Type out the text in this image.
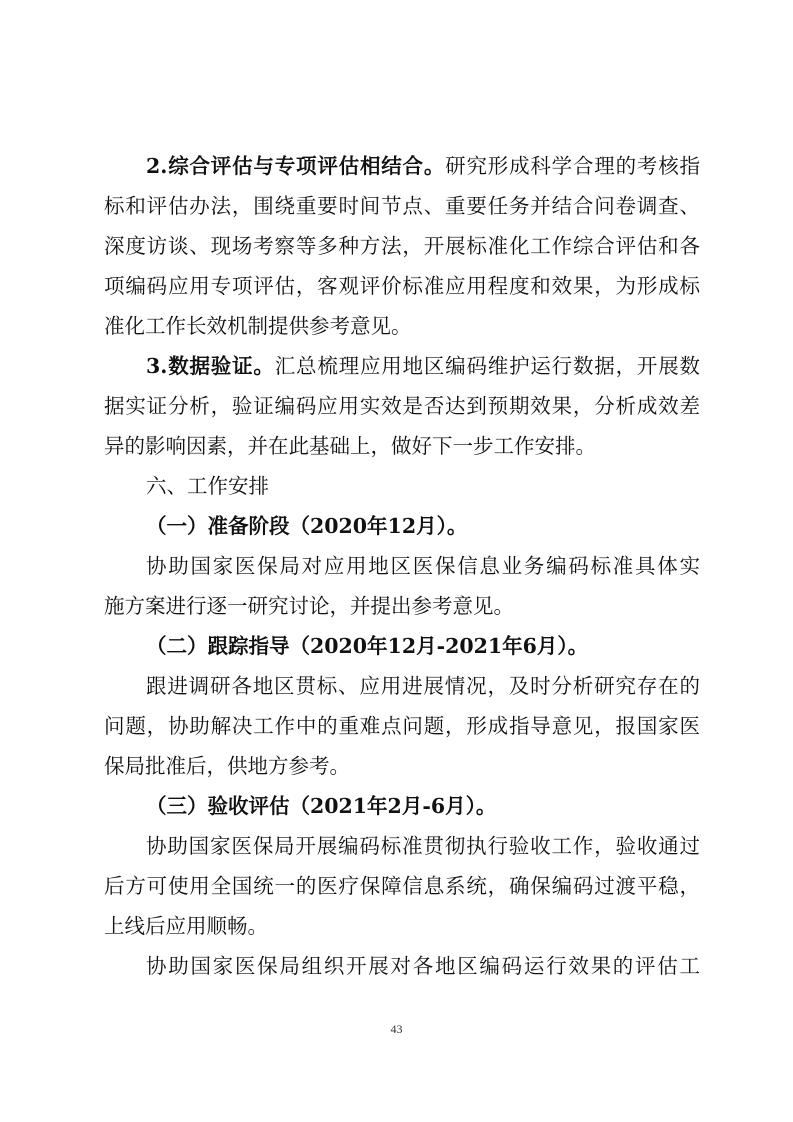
2.综合评估与专项评估相结合。研究形成科学合理的考核指
标和评估办法，围绕重要时间节点、重要任务并结合问卷调查、
深度访谈、现场考察等多种方法，开展标准化工作综合评估和各
项编码应用专项评估，客观评价标准应用程度和效果，为形成标
准化工作长效机制提供参考意见。
3.数据验证。汇总梳理应用地区编码维护运行数据，开展数
据实证分析，验证编码应用实效是否达到预期效果，分析成效差
异的影响因素，并在此基础上，做好下一步工作安排。
六、工作安排
（一）准备阶段（2020年12月）。
协助国家医保局对应用地区医保信息业务编码标准具体实
施方案进行逐一研究讨论，并提出参考意见。
（二）跟踪指导（2020年12月-2021年6月）。
跟进调研各地区贯标、应用进展情况，及时分析研究存在的
问题，协助解决工作中的重难点问题，形成指导意见，报国家医
保局批准后，供地方参考。
（三）验收评估（2021年2月-6月）。
协助国家医保局开展编码标准贯彻执行验收工作，验收通过
后方可使用全国统一的医疗保障信息系统，确保编码过渡平稳，
上线后应用顺畅。
协助国家医保局组织开展对各地区编码运行效果的评估工
43
